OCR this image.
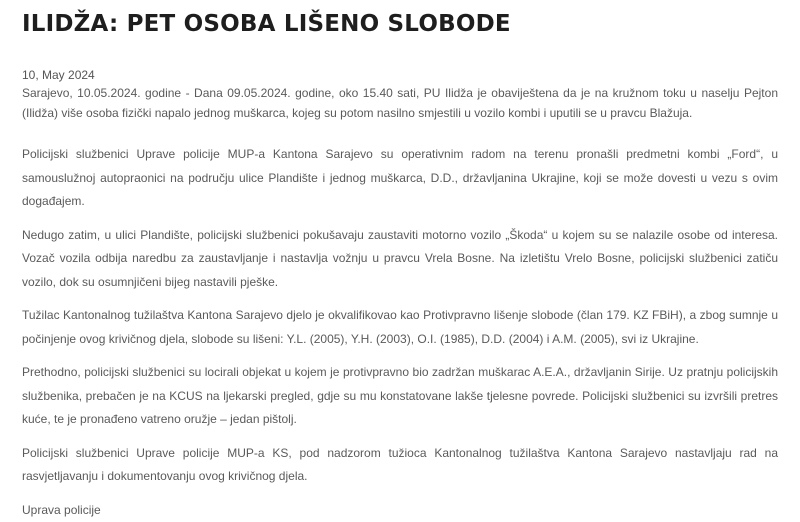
ILIDŽA: PET OSOBA LIŠENO SLOBODE
10, May 2024

Sarajevo, 10.05.2024. godine - Dana 09.05.2024. godine, oko 15.40 sati, PU Ilidža je obaviještena da je na kružnom toku u naselju Pejton (Ilidža) više osoba fizički napalo jednog muškarca, kojeg su potom nasilno smjestili u vozilo kombi i uputili se u pravcu Blažuja.

Policijski službenici Uprave policije MUP-a Kantona Sarajevo su operativnim radom na terenu pronašli predmetni kombi „Ford“, u samouslužnoj autopraonici na području ulice Plandište i jednog muškarca, D.D., državljanina Ukrajine, koji se može dovesti u vezu s ovim događajem.

Nedugo zatim, u ulici Plandište, policijski službenici pokušavaju zaustaviti motorno vozilo „Škoda“ u kojem su se nalazile osobe od interesa. Vozač vozila odbija naredbu za zaustavljanje i nastavlja vožnju u pravcu Vrela Bosne. Na izletištu Vrelo Bosne, policijski službenici zatiču vozilo, dok su osumnjičeni bijeg nastavili pješke.

Tužilac Kantonalnog tužilaštva Kantona Sarajevo djelo je okvalifikovao kao Protivpravno lišenje slobode (član 179. KZ FBiH), a zbog sumnje u počinjenje ovog krivičnog djela, slobode su lišeni: Y.L. (2005), Y.H. (2003), O.I. (1985), D.D. (2004) i A.M. (2005), svi iz Ukrajine.

Prethodno, policijski službenici su locirali objekat u kojem je protivpravno bio zadržan muškarac A.E.A., državljanin Sirije. Uz pratnju policijskih službenika, prebačen je na KCUS na ljekarski pregled, gdje su mu konstatovane lakše tjelesne povrede. Policijski službenici su izvršili pretres kuće, te je pronađeno vatreno oružje – jedan pištolj.

Policijski službenici Uprave policije MUP-a KS, pod nadzorom tužioca Kantonalnog tužilaštva Kantona Sarajevo nastavljaju rad na rasvjetljavanju i dokumentovanju ovog krivičnog djela.

Uprava policije
